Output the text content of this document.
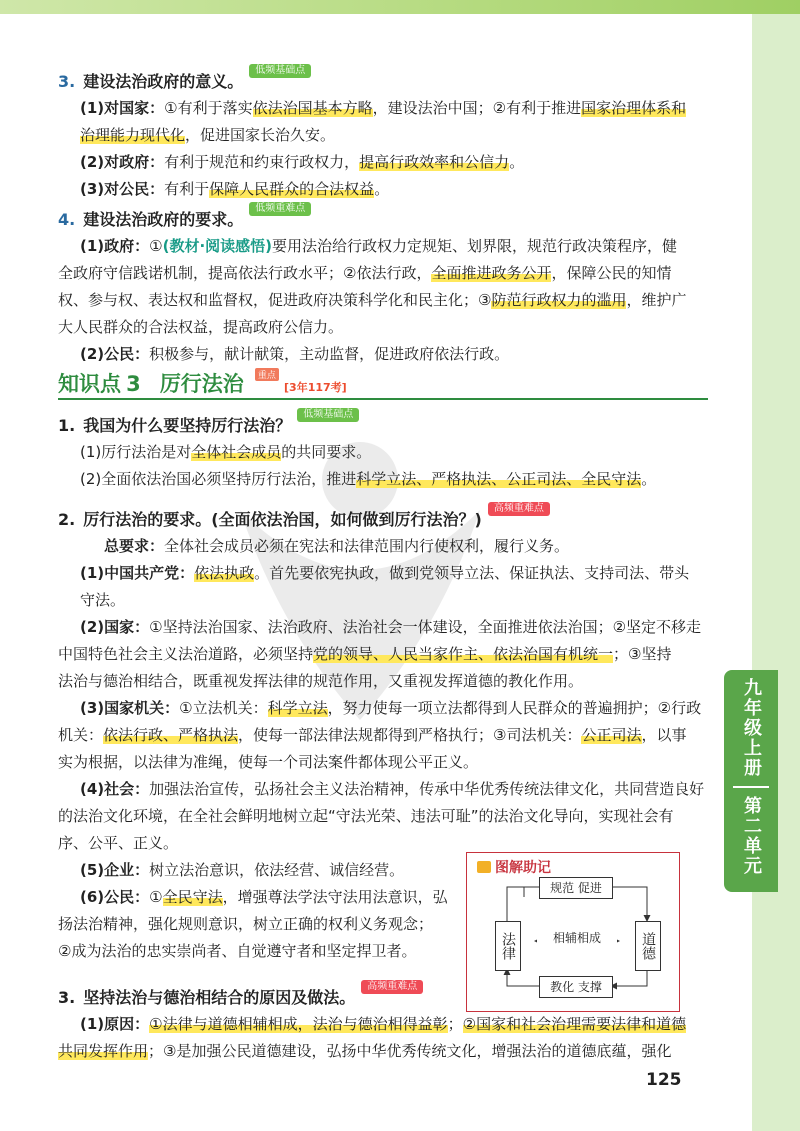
九年级上册
第二单元
3. 建设法治政府的意义。低频基础点
(1)对国家：①有利于落实依法治国基本方略，建设法治中国；②有利于推进国家治理体系和
治理能力现代化，促进国家长治久安。
(2)对政府：有利于规范和约束行政权力，提高行政效率和公信力。
(3)对公民：有利于保障人民群众的合法权益。
4. 建设法治政府的要求。低频重难点
(1)政府：①(教材·阅读感悟)要用法治给行政权力定规矩、划界限，规范行政决策程序，健
全政府守信践诺机制，提高依法行政水平；②依法行政，全面推进政务公开，保障公民的知情
权、参与权、表达权和监督权，促进政府决策科学化和民主化；③防范行政权力的滥用，维护广
大人民群众的合法权益，提高政府公信力。
(2)公民：积极参与，献计献策，主动监督，促进政府依法行政。
知识点 3 厉行法治 重点 [3年117考]
1. 我国为什么要坚持厉行法治？低频基础点
(1)厉行法治是对全体社会成员的共同要求。
(2)全面依法治国必须坚持厉行法治，推进科学立法、严格执法、公正司法、全民守法。
2. 厉行法治的要求。(全面依法治国，如何做到厉行法治？)高频重难点
总要求：全体社会成员必须在宪法和法律范围内行使权利，履行义务。
(1)中国共产党：依法执政。首先要依宪执政，做到党领导立法、保证执法、支持司法、带头
守法。
(2)国家：①坚持法治国家、法治政府、法治社会一体建设，全面推进依法治国；②坚定不移走
中国特色社会主义法治道路，必须坚持党的领导、人民当家作主、依法治国有机统一；③坚持
法治与德治相结合，既重视发挥法律的规范作用，又重视发挥道德的教化作用。
(3)国家机关：①立法机关：科学立法，努力使每一项立法都得到人民群众的普遍拥护；②行政
机关：依法行政、严格执法，使每一部法律法规都得到严格执行；③司法机关：公正司法，以事
实为根据，以法律为准绳，使每一个司法案件都体现公平正义。
(4)社会：加强法治宣传，弘扬社会主义法治精神，传承中华优秀传统法律文化，共同营造良好
的法治文化环境，在全社会鲜明地树立起“守法光荣、违法可耻”的法治文化导向，实现社会有
序、公平、正义。
(5)企业：树立法治意识，依法经营、诚信经营。
(6)公民：①全民守法，增强尊法学法守法用法意识，弘
扬法治精神，强化规则意识，树立正确的权利义务观念；
②成为法治的忠实崇尚者、自觉遵守者和坚定捍卫者。
3. 坚持法治与德治相结合的原因及做法。高频重难点
(1)原因：①法律与道德相辅相成，法治与德治相得益彰；②国家和社会治理需要法律和道德
共同发挥作用；③是加强公民道德建设，弘扬中华优秀传统文化，增强法治的道德底蕴，强化
图解助记
规范 促进
法律	道德
相辅相成
教化 支撑
125
